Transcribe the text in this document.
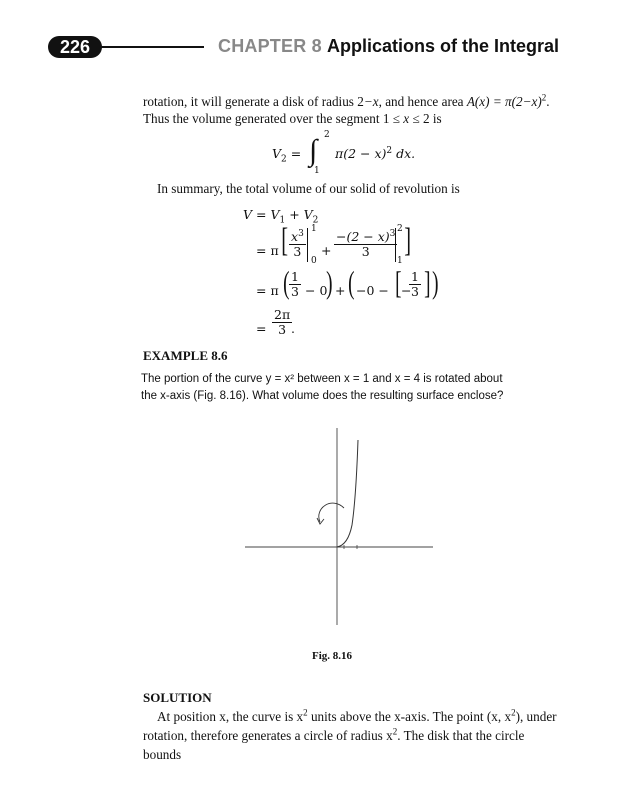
226	CHAPTER 8 Applications of the Integral
rotation, it will generate a disk of radius 2−x, and hence area $A(x) = \pi(2-x)^2$.
Thus the volume generated over the segment 1 ≤ x ≤ 2 is
$V_2$ = ∫ 2
1
$\pi(2 - x)^2$ dx.
In summary, the total volume of our solid of revolution is
$V = V_1 + V_2$
= π [ $\frac{x^3}{3}$
1
0
+ $\frac{-(2 - x)^3}{3}$
2
1
]
= π ( $\frac{1}{3} - 0$
) + ( −0 − [ −
$\frac{1}{3}$ ] )
= $\frac{2\pi}{3}$
.
EXAMPLE 8.6
The portion of the curve y = x² between x = 1 and x = 4 is rotated about
the x-axis (Fig. 8.16). What volume does the resulting surface enclose?
Fig. 8.16
SOLUTION
At position x, the curve is $x^2$ units above the x-axis. The point (x, $x^2$), under rotation, therefore generates a circle of radius $x^2$. The disk that the circle bounds
